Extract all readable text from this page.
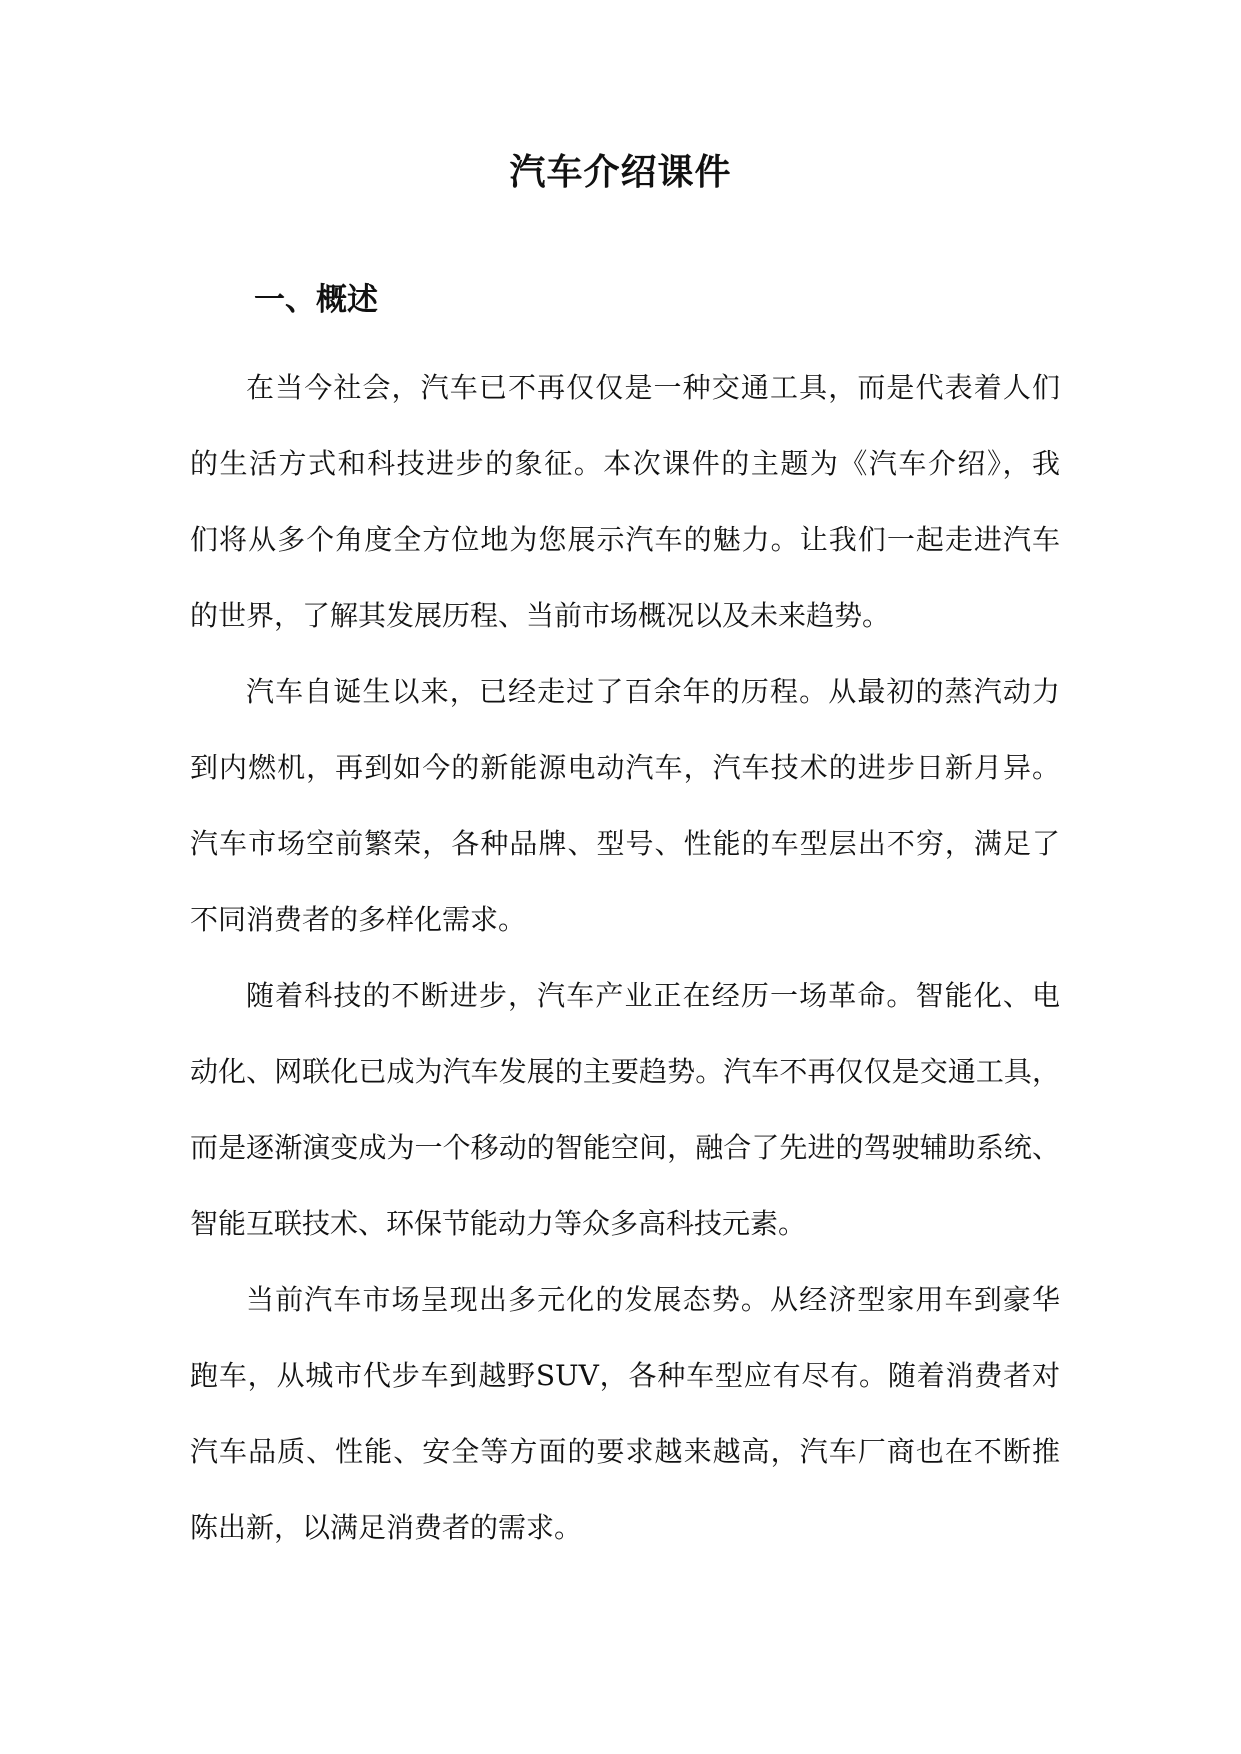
汽车介绍课件
一、概述
在当今社会，汽车已不再仅仅是一种交通工具，而是代表着人们
的生活方式和科技进步的象征。本次课件的主题为《汽车介绍》，我
们将从多个角度全方位地为您展示汽车的魅力。让我们一起走进汽车
的世界，了解其发展历程、当前市场概况以及未来趋势。
汽车自诞生以来，已经走过了百余年的历程。从最初的蒸汽动力
到内燃机，再到如今的新能源电动汽车，汽车技术的进步日新月异。
汽车市场空前繁荣，各种品牌、型号、性能的车型层出不穷，满足了
不同消费者的多样化需求。
随着科技的不断进步，汽车产业正在经历一场革命。智能化、电
动化、网联化已成为汽车发展的主要趋势。汽车不再仅仅是交通工具，
而是逐渐演变成为一个移动的智能空间，融合了先进的驾驶辅助系统、
智能互联技术、环保节能动力等众多高科技元素。
当前汽车市场呈现出多元化的发展态势。从经济型家用车到豪华
跑车，从城市代步车到越野SUV，各种车型应有尽有。随着消费者对
汽车品质、性能、安全等方面的要求越来越高，汽车厂商也在不断推
陈出新，以满足消费者的需求。
